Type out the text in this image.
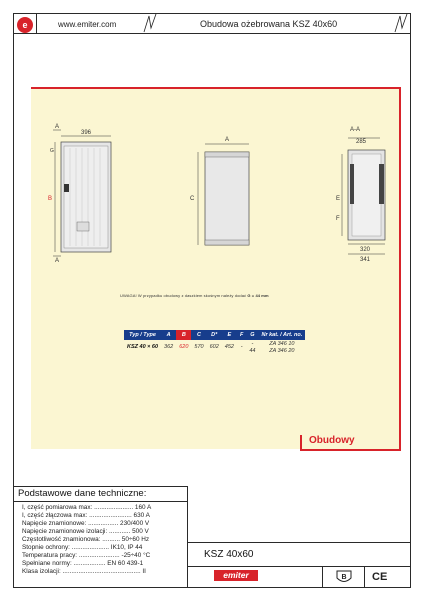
e	www.emiter.com	Obudowa ożebrowana KSZ 40x60
396
A
G
B
A
A
C
A-A
285
E
F
320
341
UWAGA! W przypadku obudowy z daszkiem skośnym należy dodać G = 44 mm
Typ / Type	A	B	C	D*	E	F	G	Nr kat. / Art. no.
KSZ 40 × 60	362	620	570	602	452	-	-	ZA 346 10
							44	ZA 346 20
Obudowy
Podstawowe dane techniczne:
I, część pomiarowa max: ...................... 160 A
I, część złączowa max: ........................ 630 A
Napięcie znamionowe: ................. 230/400 V
Napięcie znamionowe izolacji: ............ 500 V
Częstotliwość znamionowa: .......... 50÷60 Hz
Stopnie ochrony: ..................... IK10, IP 44
Temperatura pracy: ....................... -25÷40 °C
Spełniane normy: .................. EN 60 439-1
Klasa izolacji: ............................................ II
KSZ 40x60
emiter	B CE
